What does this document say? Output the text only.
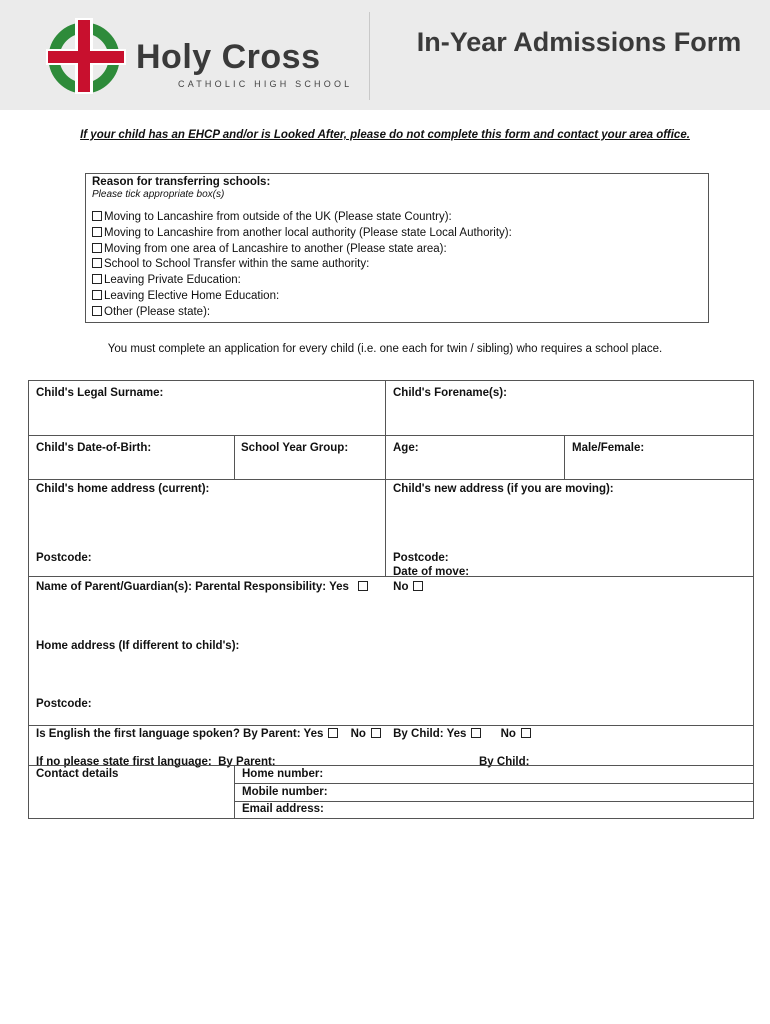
Holy Cross
CATHOLIC HIGH SCHOOL
In-Year Admissions Form
If your child has an EHCP and/or is Looked After, please do not complete this form and contact your area office.
Reason for transferring schools:
Please tick appropriate box(s)
Moving to Lancashire from outside of the UK (Please state Country):
Moving to Lancashire from another local authority (Please state Local Authority):
Moving from one area of Lancashire to another (Please state area):
School to School Transfer within the same authority:
Leaving Private Education:
Leaving Elective Home Education:
Other (Please state):
You must complete an application for every child (i.e. one each for twin / sibling) who requires a school place.
Child's Legal Surname:	Child's Forename(s):
Child's Date-of-Birth:	School Year Group:	Age:	Male/Female:
Child's home address (current):
Postcode:
Child's new address (if you are moving):
Postcode:
Date of move:
Name of Parent/Guardian(s): Parental Responsibility: Yes	No
Home address (If different to child's):
Postcode:
Is English the first language spoken? By Parent: Yes No By Child: Yes	No
If no please state first language: By Parent:	By Child:
Contact details	Home number:
Mobile number:
Email address:
